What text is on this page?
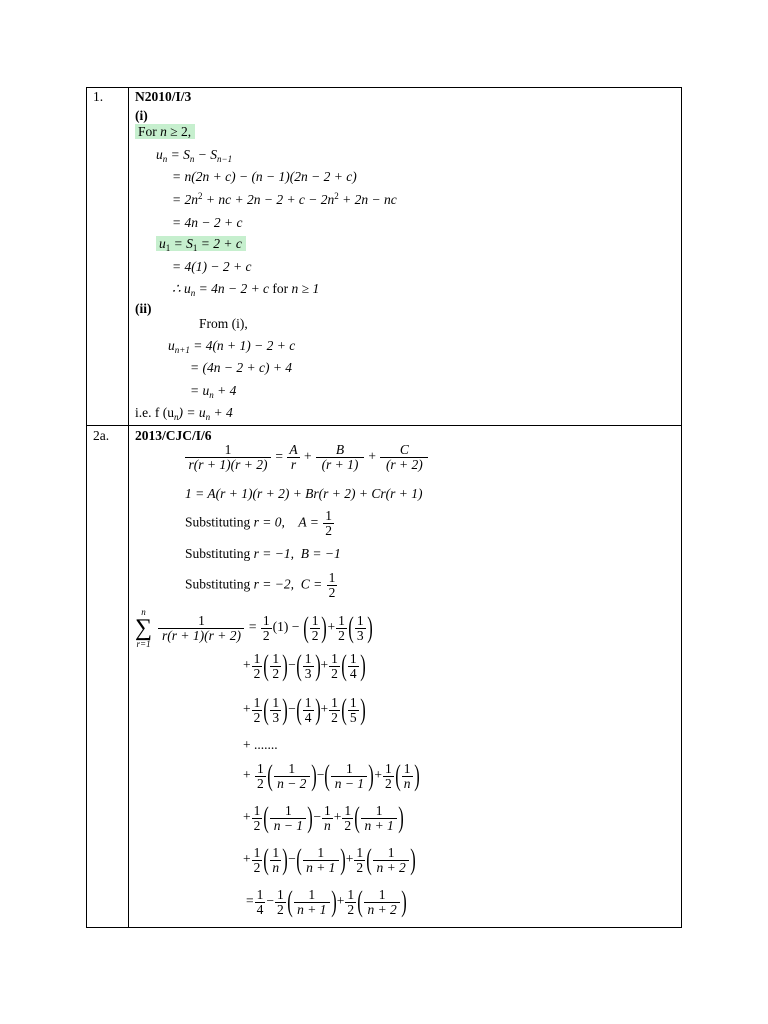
1. N2010/I/3
(i)
For n ≥ 2,
$u_n = S_n - S_{n-1}$
= n(2n + c) − (n − 1)(2n − 2 + c)
= $2n^2$ + nc + $2n - 2 + c - 2n^2 + 2n$ − nc
= 4n − 2 + c
$u_1 = S_1 = 2 + c$
= 4(1) − 2 + c
∴ $u_n = 4n - 2 + c$ for n ≥ 1
(ii)
From (i),
$u_{n+1} = 4(n + 1) - 2 + c$
= (4n − 2 + c) + 4
= $u_n + 4$
i.e. f $(u_n) = u_n + 4$
2a. 2013/CJC/I/6
$\frac{1}{r(r + 1)(r + 2)} = \frac{A}{r} + \frac{B}{(r + 1)} + \frac{C}{(r + 2)}$
1 = A(r + 1)(r + 2) + Br(r + 2) + Cr(r + 1)
Substituting r = 0, $A = \frac{1}{2}$
Substituting r = −1, B = −1
Substituting r = −2, $C = \frac{1}{2}$
n
∑
r=1

$\frac{1}{r(r + 1)(r + 2)} = \frac{1}{2} (1)$ − ( $\frac{1}{2}$ )+ $\frac{1}{2}$ ( $\frac{1}{3}$ )
+ $\frac{1}{2}$ ( $\frac{1}{2}$ )−( $\frac{1}{3}$ )+ $\frac{1}{2}$ ( $\frac{1}{4}$ )
+ $\frac{1}{2}$ ( $\frac{1}{3}$ )−( $\frac{1}{4}$ )+ $\frac{1}{2}$ ( $\frac{1}{5}$ )
+ .......
+ $\frac{1}{2}$ ( $\frac{1}{n - 2}$ )−( $\frac{1}{n - 1}$ )+ $\frac{1}{2}$ ( $\frac{1}{n}$ )
+ $\frac{1}{2}$ ( $\frac{1}{n - 1}$ )− $\frac{1}{n} + \frac{1}{2}$ ( $\frac{1}{n + 1}$ )
+ $\frac{1}{2}$ ( $\frac{1}{n}$ )−( $\frac{1}{n + 1}$ )+ $\frac{1}{2}$ ( $\frac{1}{n + 2}$ )
= $\frac{1}{4} - \frac{1}{2}$ ( $\frac{1}{n + 1}$ )+ $\frac{1}{2}$ ( $\frac{1}{n + 2}$ )
